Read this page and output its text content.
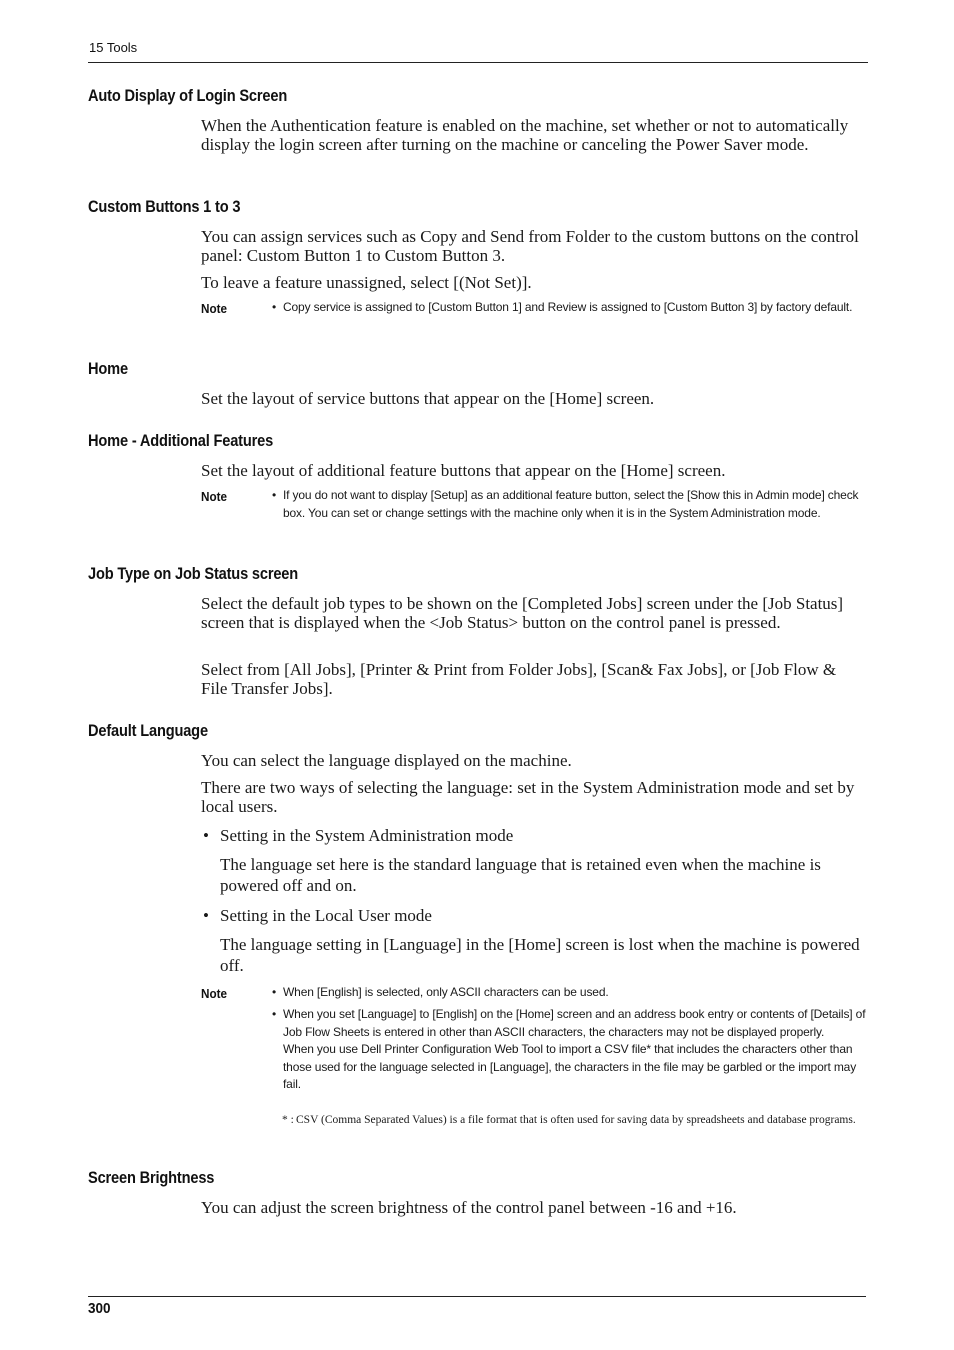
15 Tools
Auto Display of Login Screen

When the Authentication feature is enabled on the machine, set whether or not to automatically display the login screen after turning on the machine or canceling the Power Saver mode.

Custom Buttons 1 to 3

You can assign services such as Copy and Send from Folder to the custom buttons on the control panel: Custom Button 1 to Custom Button 3.

To leave a feature unassigned, select [(Not Set)].

Note	• Copy service is assigned to [Custom Button 1] and Review is assigned to [Custom Button 3] by factory default.
Home

Set the layout of service buttons that appear on the [Home] screen.

Home - Additional Features

Set the layout of additional feature buttons that appear on the [Home] screen.

Note	• If you do not want to display [Setup] as an additional feature button, select the [Show this in Admin mode] check box. You can set or change settings with the machine only when it is in the System Administration mode.
Job Type on Job Status screen

Select the default job types to be shown on the [Completed Jobs] screen under the [Job Status] screen that is displayed when the <Job Status> button on the control panel is pressed.

Select from [All Jobs], [Printer & Print from Folder Jobs], [Scan& Fax Jobs], or [Job Flow & File Transfer Jobs].

Default Language

You can select the language displayed on the machine.

There are two ways of selecting the language: set in the System Administration mode and set by local users.

• Setting in the System Administration mode

The language set here is the standard language that is retained even when the machine is powered off and on.

• Setting in the Local User mode

The language setting in [Language] in the [Home] screen is lost when the machine is powered off.

Note	• When [English] is selected, only ASCII characters can be used.
• When you set [Language] to [English] on the [Home] screen and an address book entry or contents of [Details] of Job Flow Sheets is entered in other than ASCII characters, the characters may not be displayed properly.
When you use Dell Printer Configuration Web Tool to import a CSV file* that includes the characters other than those used for the language selected in [Language], the characters in the file may be garbled or the import may fail.
* : CSV (Comma Separated Values) is a file format that is often used for saving data by spreadsheets and database programs.
Screen Brightness

You can adjust the screen brightness of the control panel between -16 and +16.

300
